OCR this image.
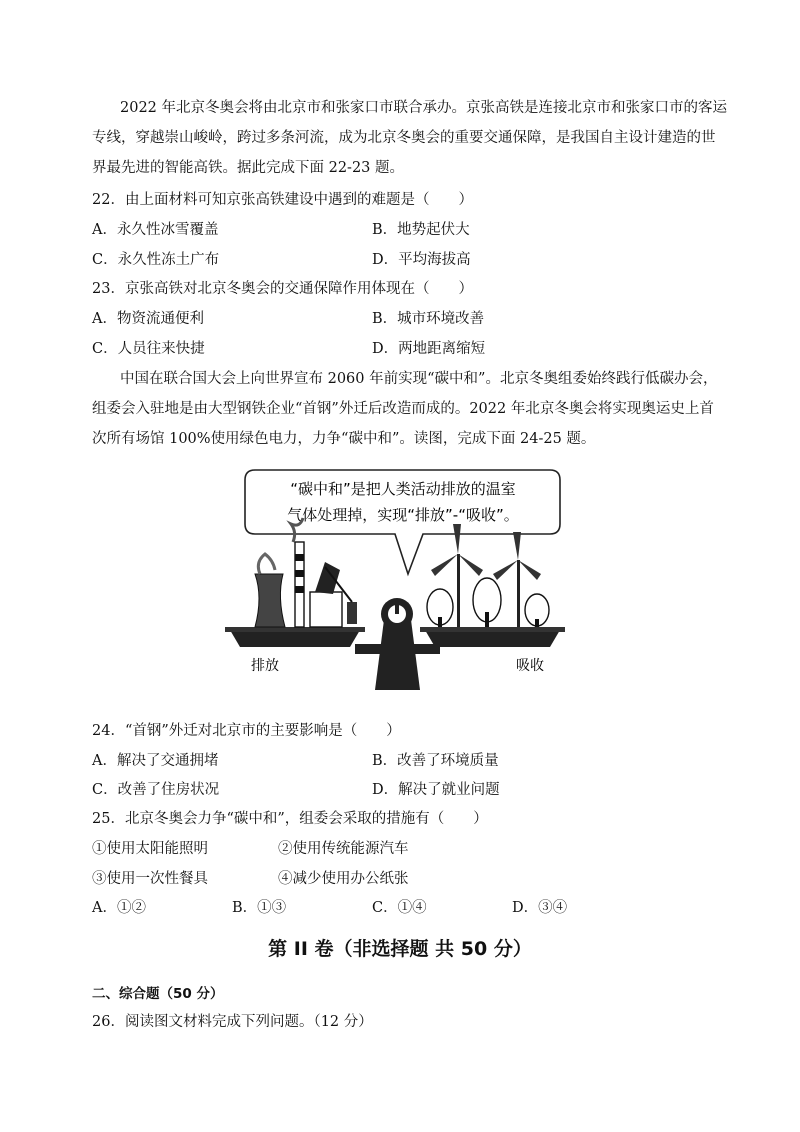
2022 年北京冬奥会将由北京市和张家口市联合承办。京张高铁是连接北京市和张家口市的客运
专线，穿越崇山峻岭，跨过多条河流，成为北京冬奥会的重要交通保障，是我国自主设计建造的世
界最先进的智能高铁。据此完成下面 22-23 题。
22．由上面材料可知京张高铁建设中遇到的难题是（　　）
A．永久性冰雪覆盖	B．地势起伏大
C．永久性冻土广布	D．平均海拔高
23．京张高铁对北京冬奥会的交通保障作用体现在（　　）
A．物资流通便利	B．城市环境改善
C．人员往来快捷	D．两地距离缩短
中国在联合国大会上向世界宣布 2060 年前实现“碳中和”。北京冬奥组委始终践行低碳办会，
组委会入驻地是由大型钢铁企业“首钢”外迁后改造而成的。2022 年北京冬奥会将实现奥运史上首
次所有场馆 100%使用绿色电力，力争“碳中和”。读图，完成下面 24-25 题。
“碳中和”是把人类活动排放的温室
气体处理掉，实现“排放”-“吸收”。
排放	吸收
24．“首钢”外迁对北京市的主要影响是（　　）
A．解决了交通拥堵	B．改善了环境质量
C．改善了住房状况	D．解决了就业问题
25．北京冬奥会力争“碳中和”，组委会采取的措施有（　　）
①使用太阳能照明	②使用传统能源汽车
③使用一次性餐具	④减少使用办公纸张
A．①②	B．①③	C．①④	D．③④
第 II 卷（非选择题 共 50 分）
二、综合题（50 分）
26．阅读图文材料完成下列问题。（12 分）
